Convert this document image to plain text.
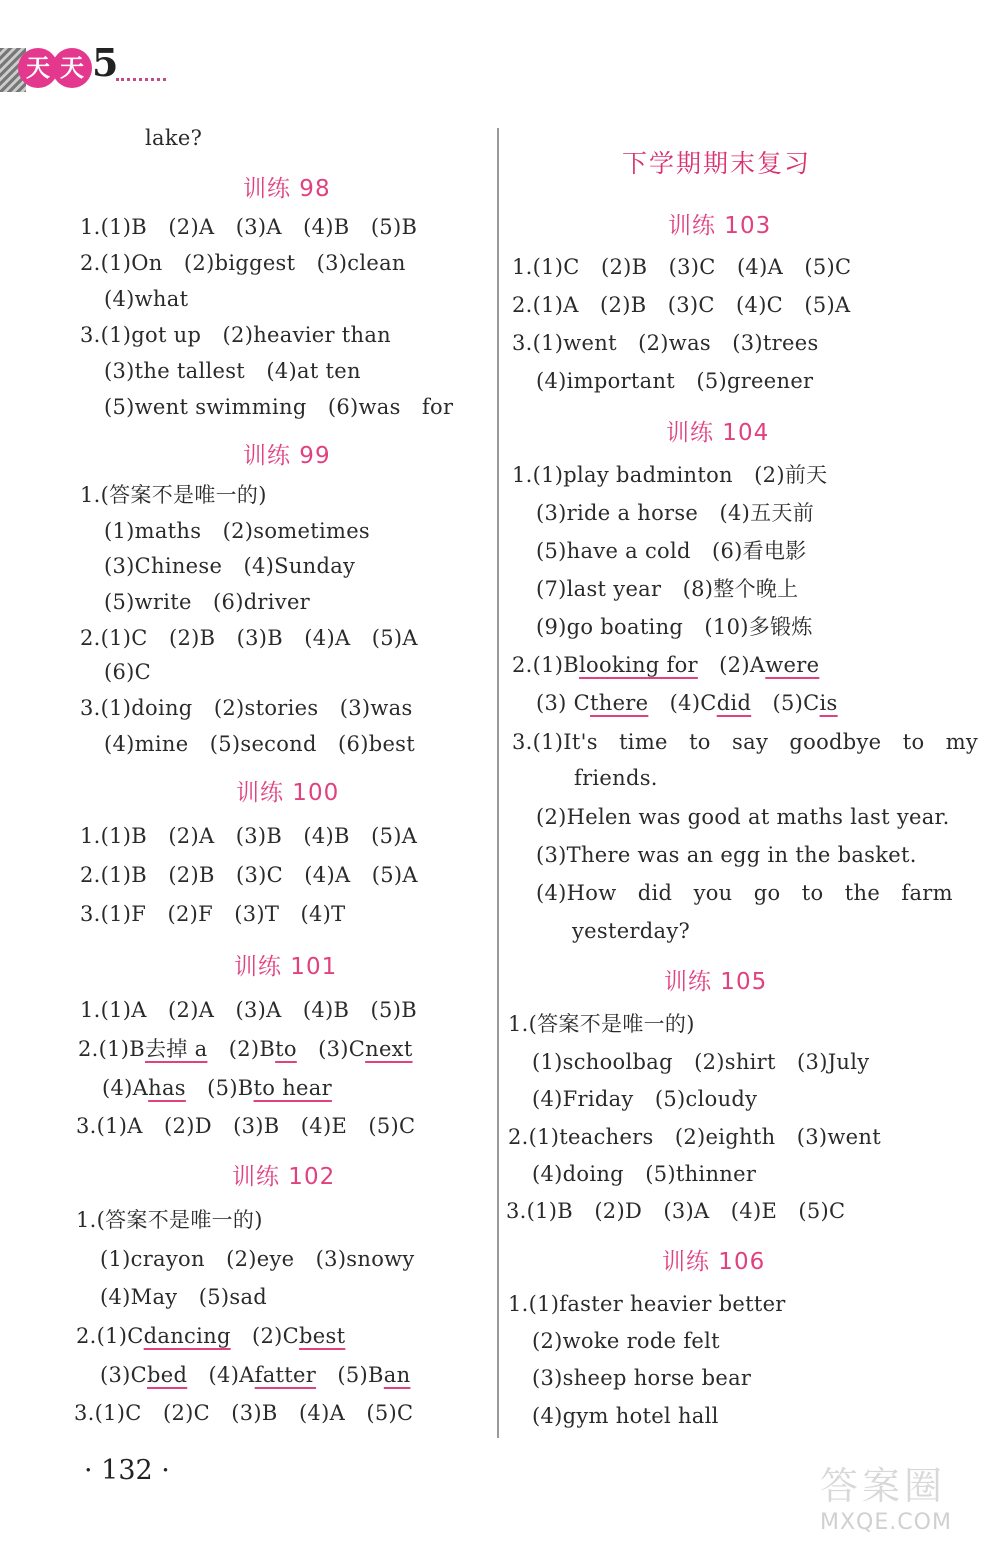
天 天 5
lake?
训练 98
1.(1)B　(2)A　(3)A　(4)B　(5)B
2.(1)On　(2)biggest　(3)clean
(4)what
3.(1)got up　(2)heavier than
(3)the tallest　(4)at ten
(5)went swimming　(6)was　for
训练 99
1.(答案不是唯一的)
(1)maths　(2)sometimes
(3)Chinese　(4)Sunday
(5)write　(6)driver
2.(1)C　(2)B　(3)B　(4)A　(5)A
(6)C
3.(1)doing　(2)stories　(3)was
(4)mine　(5)second　(6)best
训练 100
1.(1)B　(2)A　(3)B　(4)B　(5)A
2.(1)B　(2)B　(3)C　(4)A　(5)A
3.(1)F　(2)F　(3)T　(4)T
训练 101
1.(1)A　(2)A　(3)A　(4)B　(5)B
2.(1)B去掉 a　(2)Bto　(3)Cnext
(4)Ahas　(5)Bto hear
3.(1)A　(2)D　(3)B　(4)E　(5)C
训练 102
1.(答案不是唯一的)
(1)crayon　(2)eye　(3)snowy
(4)May　(5)sad
2.(1)Cdancing　(2)Cbest
(3)Cbed　(4)Afatter　(5)Ban
3.(1)C　(2)C　(3)B　(4)A　(5)C
下学期期末复习
训练 103
1.(1)C　(2)B　(3)C　(4)A　(5)C
2.(1)A　(2)B　(3)C　(4)C　(5)A
3.(1)went　(2)was　(3)trees
(4)important　(5)greener
训练 104
1.(1)play badminton　(2)前天
(3)ride a horse　(4)五天前
(5)have a cold　(6)看电影
(7)last year　(8)整个晚上
(9)go boating　(10)多锻炼
2.(1)Blooking for　(2)Awere
(3) Cthere　(4)Cdid　(5)Cis
3.(1)It's　time　to　say　goodbye　to　my
friends.
(2)Helen was good at maths last year.
(3)There was an egg in the basket.
(4)How　did　you　go　to　the　farm
yesterday?
训练 105
1.(答案不是唯一的)
(1)schoolbag　(2)shirt　(3)July
(4)Friday　(5)cloudy
2.(1)teachers　(2)eighth　(3)went
(4)doing　(5)thinner
3.(1)B　(2)D　(3)A　(4)E　(5)C
训练 106
1.(1)faster heavier better
(2)woke rode felt
(3)sheep horse bear
(4)gym hotel hall
· 132 ·	答案圈
MXQE.COM
